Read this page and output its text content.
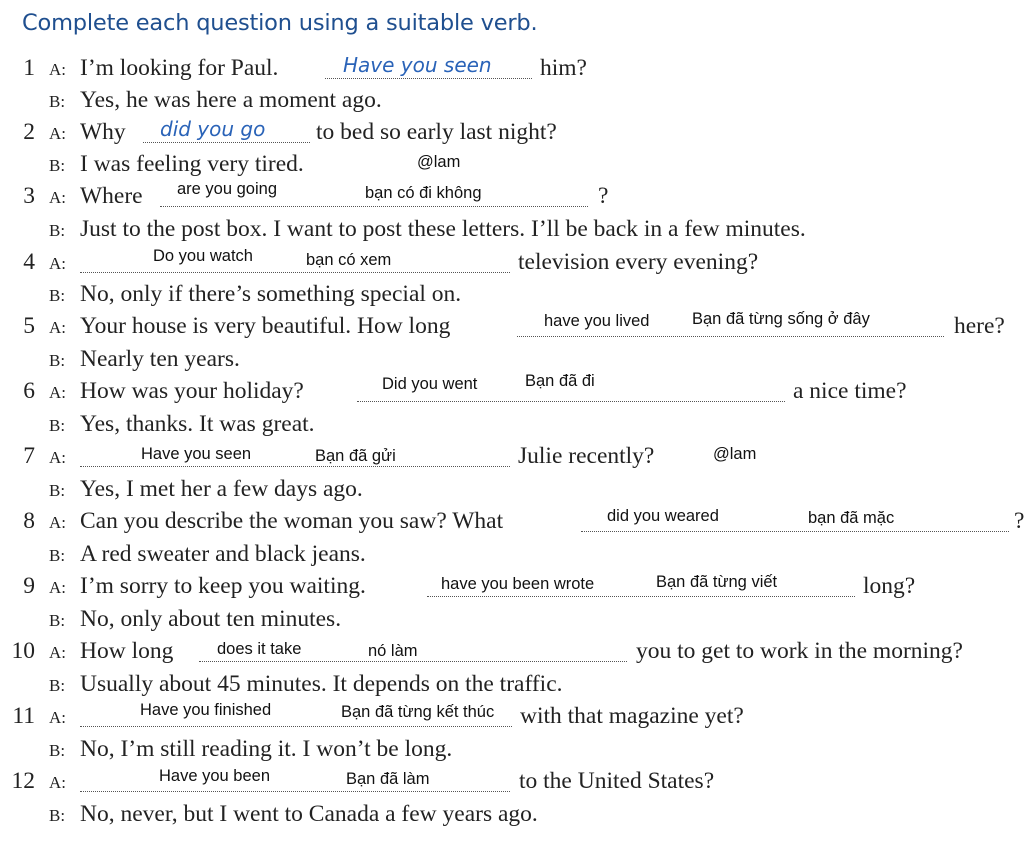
Complete each question using a suitable verb.
1 A: I’m looking for Paul.	Have you seen him?
B: Yes, he was here a moment ago.
2 A: Why did you go to bed so early last night?
B: I was feeling very tired.	@lam
3 A: Where are you going	bạn có đi không	?
B: Just to the post box. I want to post these letters. I’ll be back in a few minutes.
4 A:	Do you watch	bạn có xem	television every evening?
B: No, only if there’s something special on.
5 A: Your house is very beautiful. How long	have you lived	Bạn đã từng sống ở đây	here?
B: Nearly ten years.
6 A: How was your holiday?	Did you went	Bạn đã đi	a nice time?
B: Yes, thanks. It was great.
7 A:	Have you seen	Bạn đã gửi	Julie recently?	@lam
B: Yes, I met her a few days ago.
8 A: Can you describe the woman you saw? What	did you weared	bạn đã mặc	?
B: A red sweater and black jeans.
9 A: I’m sorry to keep you waiting.	have you been wrote	Bạn đã từng viết	long?
B: No, only about ten minutes.
10 A: How long	does it take	nó làm	you to get to work in the morning?
B: Usually about 45 minutes. It depends on the traffic.
11 A:	Have you finished	Bạn đã từng kết thúc with that magazine yet?
B: No, I’m still reading it. I won’t be long.
12 A:	Have you been	Bạn đã làm	to the United States?
B: No, never, but I went to Canada a few years ago.
